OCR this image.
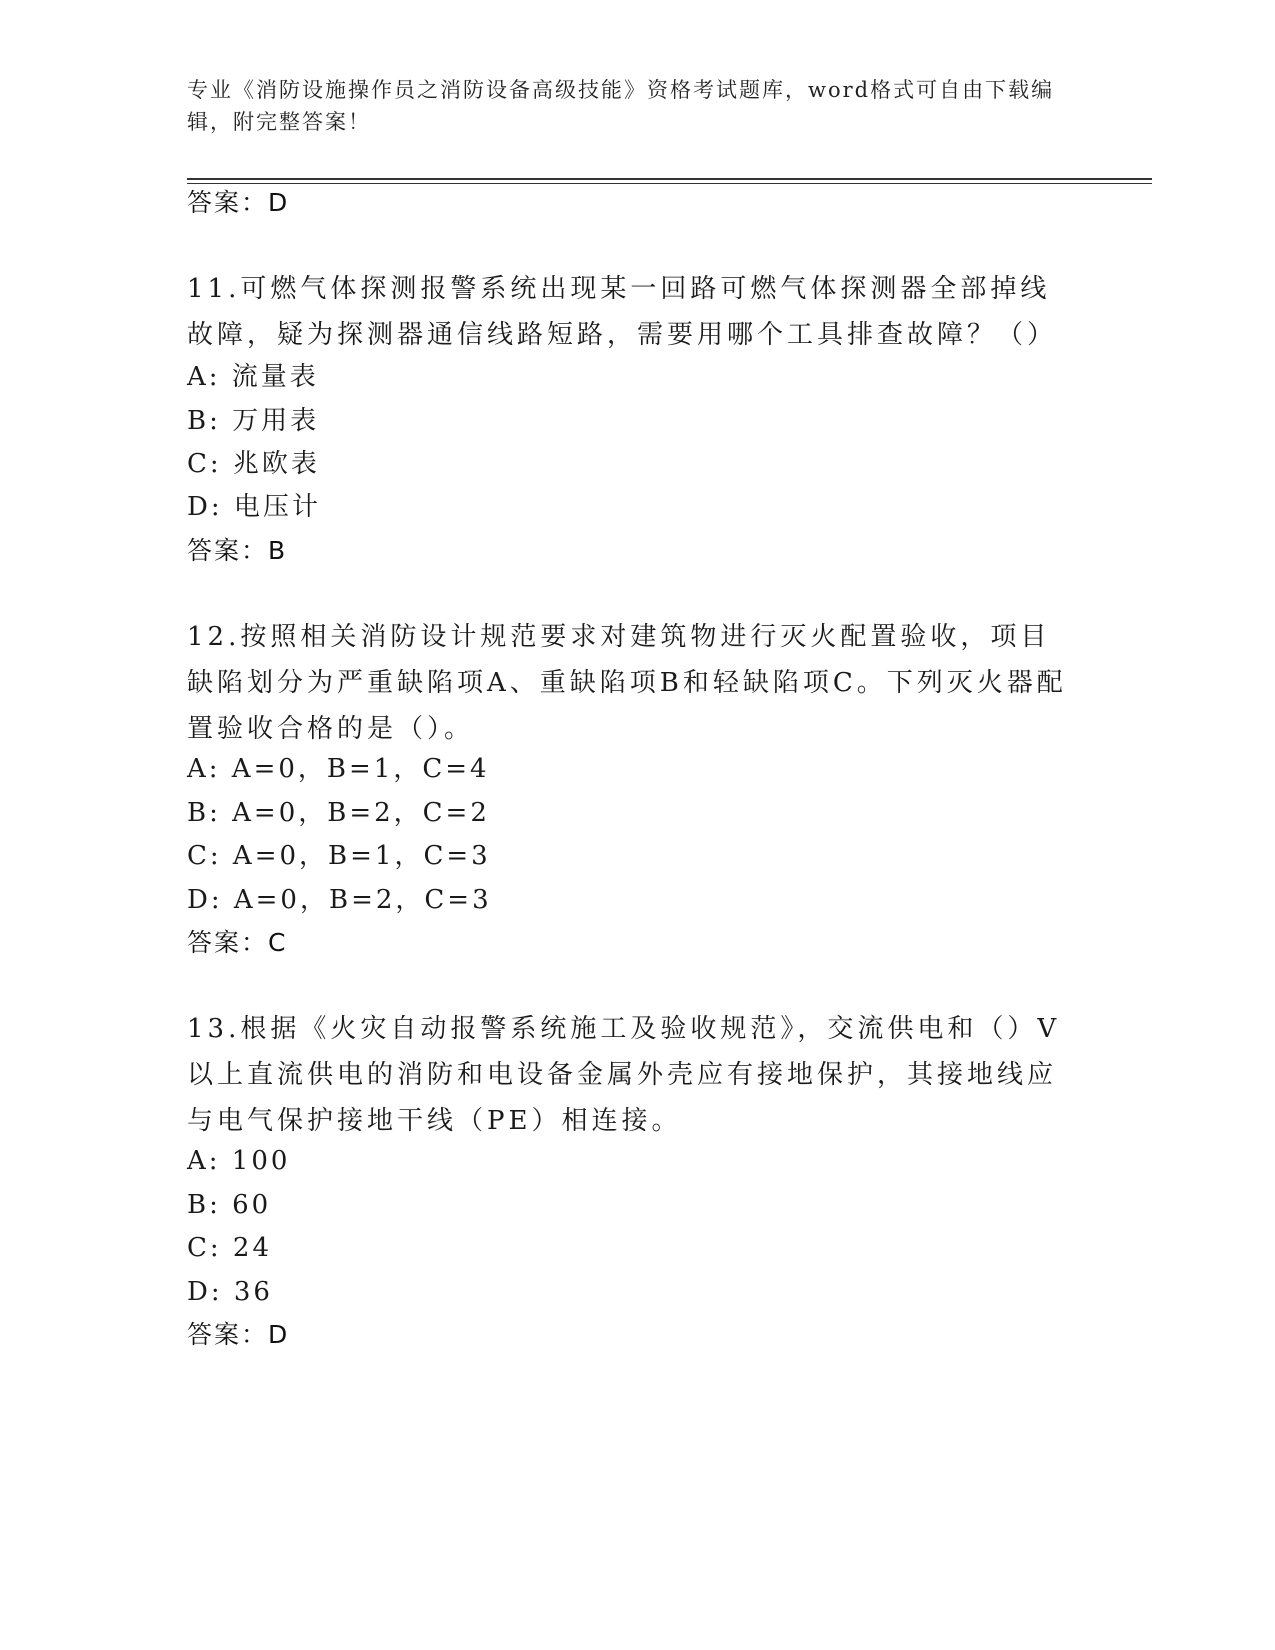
专业《消防设施操作员之消防设备高级技能》资格考试题库，word格式可自由下载编辑，附完整答案！
答案：D
11.可燃气体探测报警系统出现某一回路可燃气体探测器全部掉线故障，疑为探测器通信线路短路，需要用哪个工具排查故障？（）
A: 流量表
B: 万用表
C: 兆欧表
D: 电压计
答案：B
12.按照相关消防设计规范要求对建筑物进行灭火配置验收，项目缺陷划分为严重缺陷项A、重缺陷项B和轻缺陷项C。下列灭火器配置验收合格的是（）。
A: A=0，B=1，C=4
B: A=0，B=2，C=2
C: A=0，B=1，C=3
D: A=0，B=2，C=3
答案：C
13.根据《火灾自动报警系统施工及验收规范》，交流供电和（）V以上直流供电的消防和电设备金属外壳应有接地保护，其接地线应与电气保护接地干线（PE）相连接。
A: 100
B: 60
C: 24
D: 36
答案：D
